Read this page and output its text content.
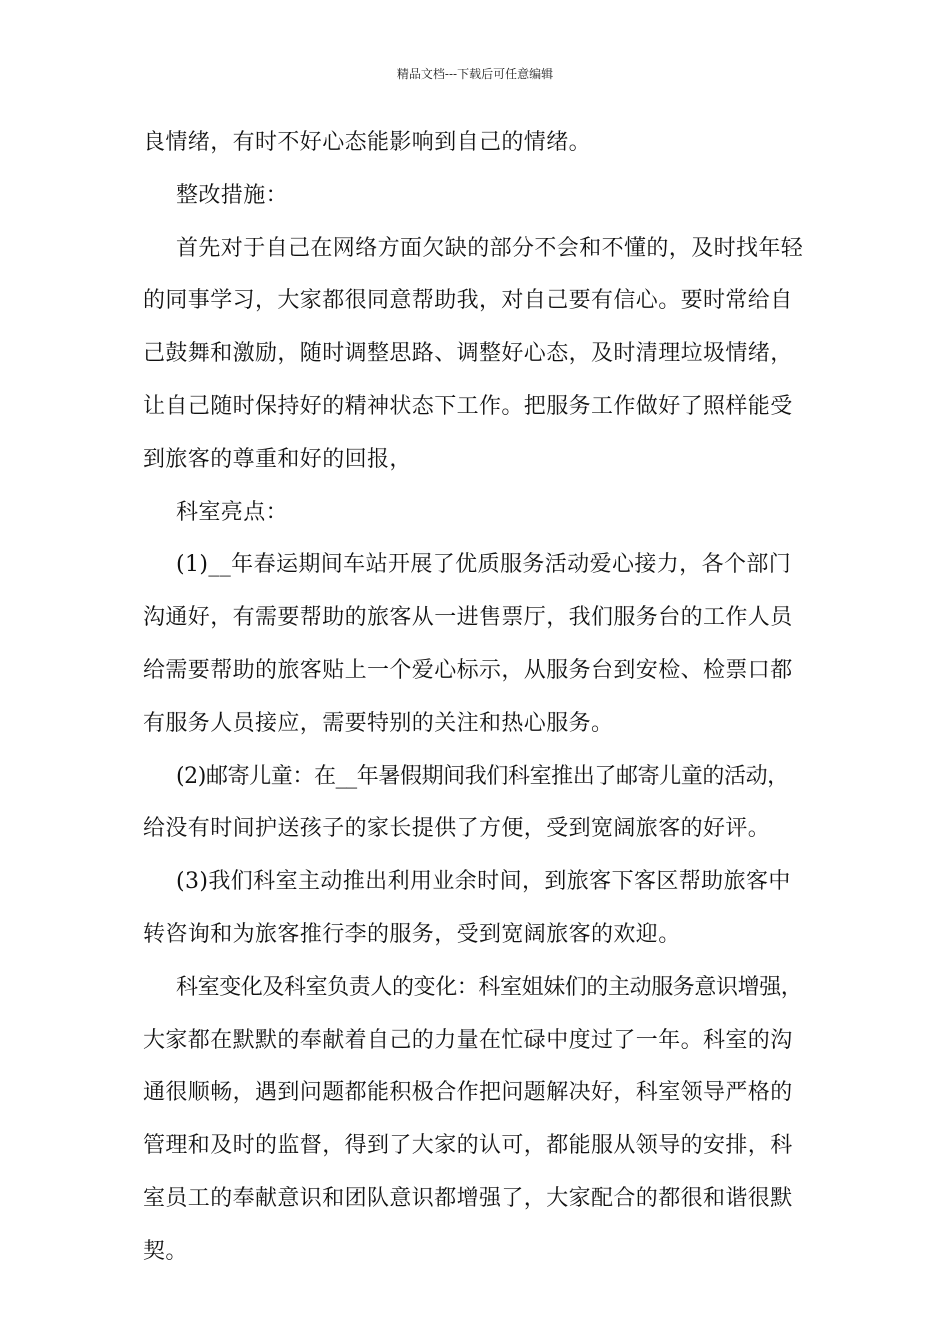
精品文档---下载后可任意编辑
良情绪，有时不好心态能影响到自己的情绪。
整改措施：
首先对于自己在网络方面欠缺的部分不会和不懂的，及时找年轻
的同事学习，大家都很同意帮助我，对自己要有信心。要时常给自
己鼓舞和激励，随时调整思路、调整好心态，及时清理垃圾情绪，
让自己随时保持好的精神状态下工作。把服务工作做好了照样能受
到旅客的尊重和好的回报，
科室亮点：
(1)__年春运期间车站开展了优质服务活动爱心接力，各个部门
沟通好，有需要帮助的旅客从一进售票厅，我们服务台的工作人员
给需要帮助的旅客贴上一个爱心标示，从服务台到安检、检票口都
有服务人员接应，需要特别的关注和热心服务。
(2)邮寄儿童：在__年暑假期间我们科室推出了邮寄儿童的活动，
给没有时间护送孩子的家长提供了方便，受到宽阔旅客的好评。
(3)我们科室主动推出利用业余时间，到旅客下客区帮助旅客中
转咨询和为旅客推行李的服务，受到宽阔旅客的欢迎。
科室变化及科室负责人的变化：科室姐妹们的主动服务意识增强，
大家都在默默的奉献着自己的力量在忙碌中度过了一年。科室的沟
通很顺畅，遇到问题都能积极合作把问题解决好，科室领导严格的
管理和及时的监督，得到了大家的认可，都能服从领导的安排，科
室员工的奉献意识和团队意识都增强了，大家配合的都很和谐很默
契。
